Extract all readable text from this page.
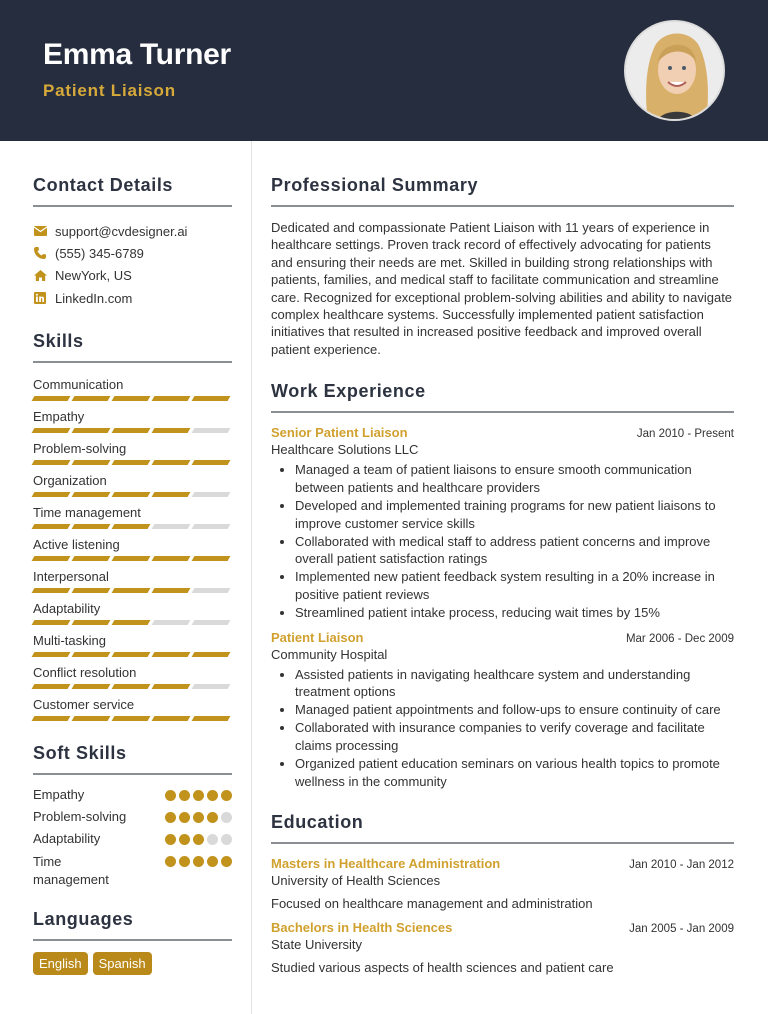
Emma Turner
Patient Liaison
Contact Details
support@cvdesigner.ai
(555) 345-6789
NewYork, US
LinkedIn.com
Skills
Communication
Empathy
Problem-solving
Organization
Time management
Active listening
Interpersonal
Adaptability
Multi-tasking
Conflict resolution
Customer service
Soft Skills
Empathy
Problem-solving
Adaptability
Time management
Languages
English	Spanish
Professional Summary
Dedicated and compassionate Patient Liaison with 11 years of experience in healthcare settings. Proven track record of effectively advocating for patients and ensuring their needs are met. Skilled in building strong relationships with patients, families, and medical staff to facilitate communication and streamline care. Recognized for exceptional problem-solving abilities and ability to navigate complex healthcare systems. Successfully implemented patient satisfaction initiatives that resulted in increased positive feedback and improved overall patient experience.
Work Experience
Senior Patient Liaison	Jan 2010 - Present
Healthcare Solutions LLC
• Managed a team of patient liaisons to ensure smooth communication between patients and healthcare providers
• Developed and implemented training programs for new patient liaisons to improve customer service skills
• Collaborated with medical staff to address patient concerns and improve overall patient satisfaction ratings
• Implemented new patient feedback system resulting in a 20% increase in positive patient reviews
• Streamlined patient intake process, reducing wait times by 15%
Patient Liaison	Mar 2006 - Dec 2009
Community Hospital
• Assisted patients in navigating healthcare system and understanding treatment options
• Managed patient appointments and follow-ups to ensure continuity of care
• Collaborated with insurance companies to verify coverage and facilitate claims processing
• Organized patient education seminars on various health topics to promote wellness in the community
Education
Masters in Healthcare Administration	Jan 2010 - Jan 2012
University of Health Sciences
Focused on healthcare management and administration
Bachelors in Health Sciences	Jan 2005 - Jan 2009
State University
Studied various aspects of health sciences and patient care
